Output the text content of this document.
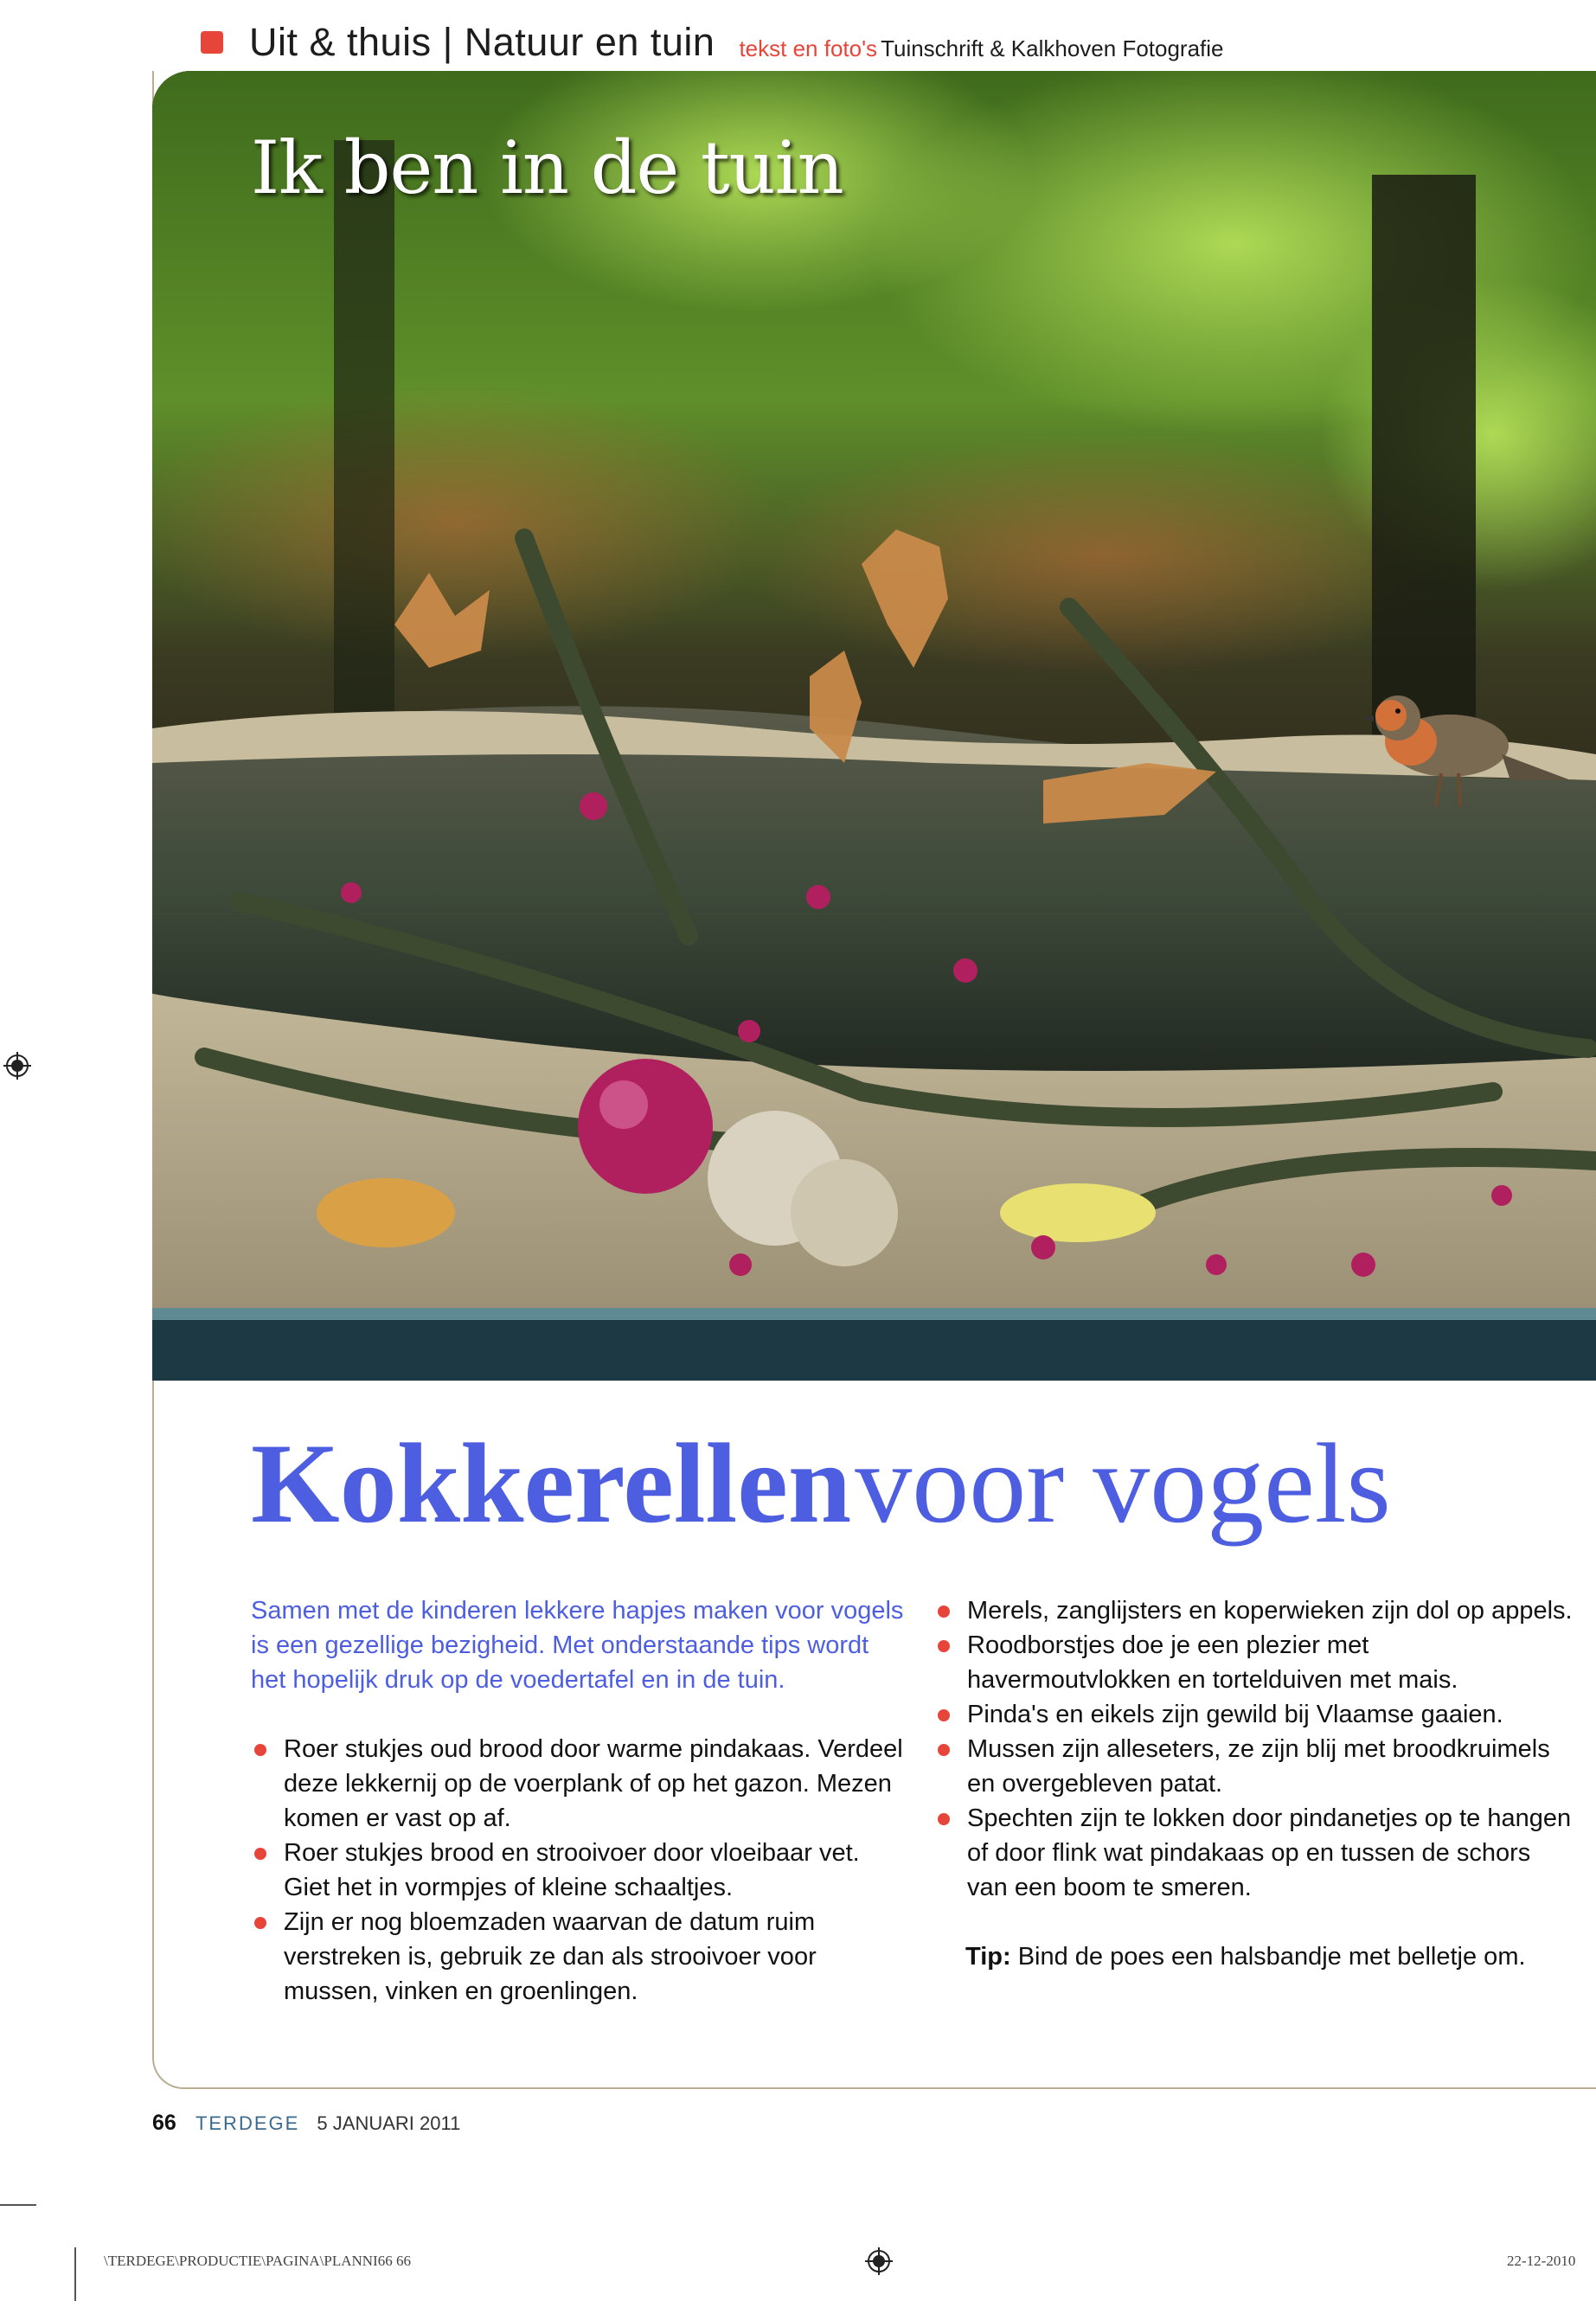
Uit & thuis | Natuur en tuin tekst en foto's Tuinschrift & Kalkhoven Fotografie
Ik ben in de tuin
Kokkerellen voor vogels

Samen met de kinderen lekkere hapjes maken voor vogels is een gezellige bezigheid. Met onderstaande tips wordt het hopelijk druk op de voedertafel en in de tuin.

Roer stukjes oud brood door warme pindakaas. Verdeel deze lekkernij op de voerplank of op het gazon. Mezen komen er vast op af.
Roer stukjes brood en strooivoer door vloeibaar vet. Giet het in vormpjes of kleine schaaltjes.
Zijn er nog bloemzaden waarvan de datum ruim verstreken is, gebruik ze dan als strooivoer voor mussen, vinken en groenlingen.
Merels, zanglijsters en koperwieken zijn dol op appels.
Roodborstjes doe je een plezier met havermoutvlokken en tortelduiven met mais.
Pinda's en eikels zijn gewild bij Vlaamse gaaien.
Mussen zijn alleseters, ze zijn blij met broodkruimels en overgebleven patat.
Spechten zijn te lokken door pindanetjes op te hangen of door flink wat pindakaas op en tussen de schors van een boom te smeren.
Tip: Bind de poes een halsbandje met belletje om.
66 TERDEGE 5 JANUARI 2011
\TERDEGE\PRODUCTIE\PAGINA\PLANNI66 66	22-12-2010
